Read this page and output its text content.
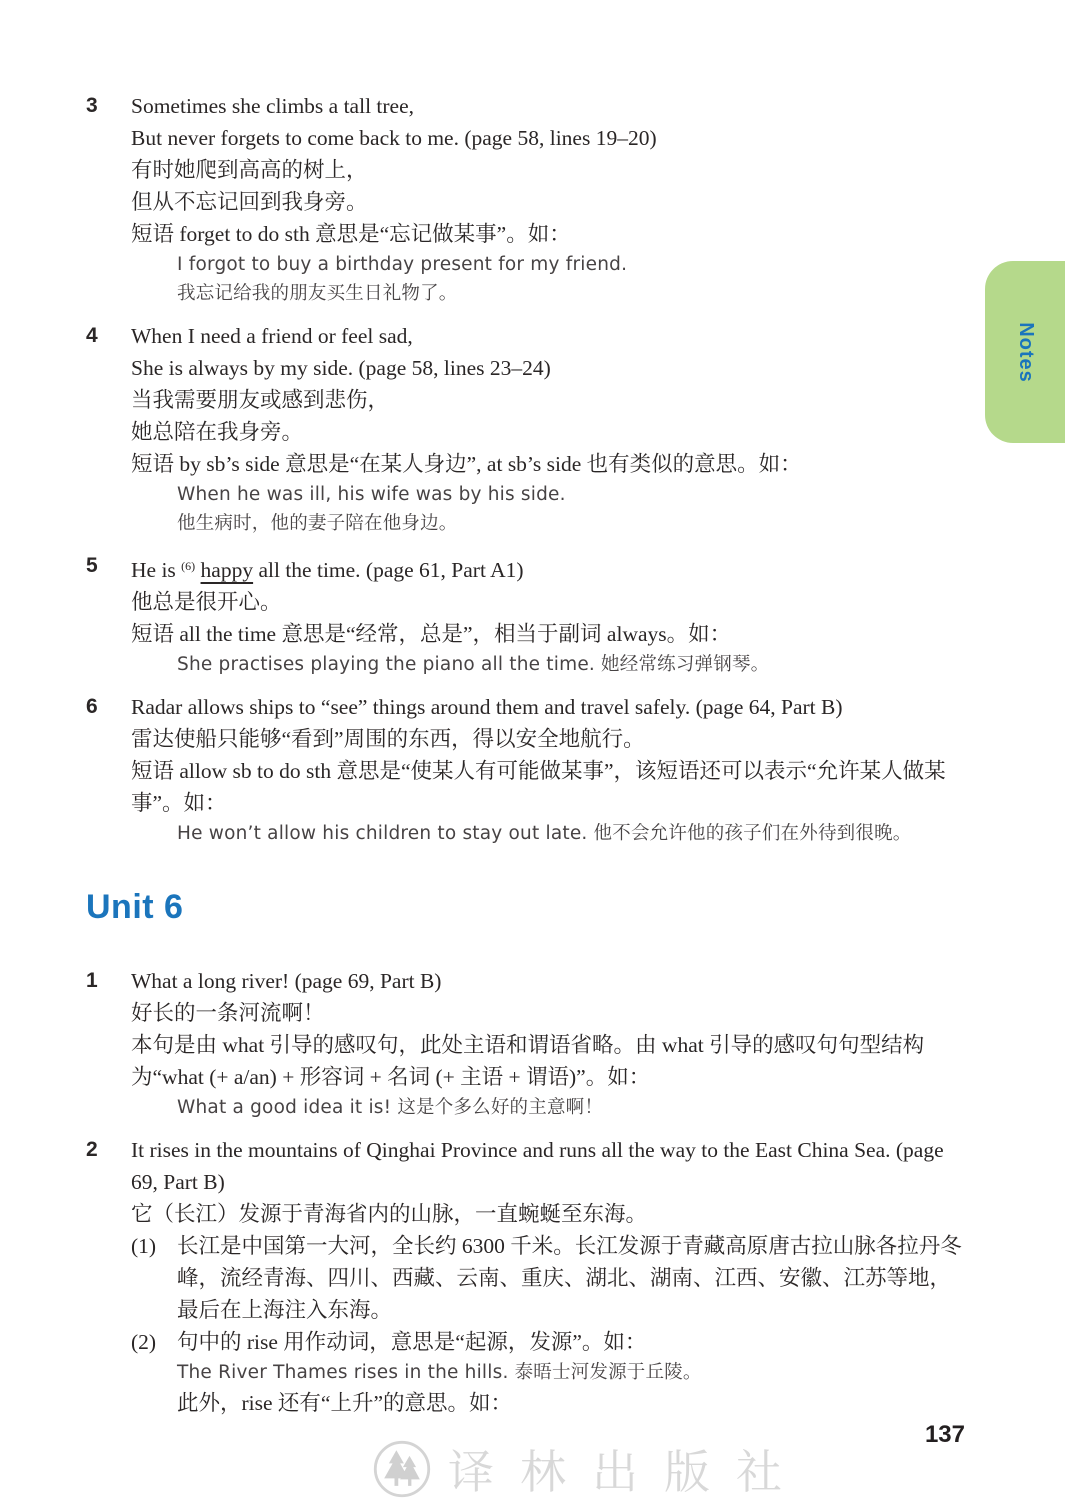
Notes
3	Sometimes she climbs a tall tree,
But never forgets to come back to me. (page 58, lines 19–20)
有时她爬到高高的树上，
但从不忘记回到我身旁。
短语 forget to do sth 意思是“忘记做某事”。如：
I forgot to buy a birthday present for my friend.
我忘记给我的朋友买生日礼物了。
4	When I need a friend or feel sad,
She is always by my side. (page 58, lines 23–24)
当我需要朋友或感到悲伤，
她总陪在我身旁。
短语 by sb’s side 意思是“在某人身边”, at sb’s side 也有类似的意思。如：
When he was ill, his wife was by his side.
他生病时，他的妻子陪在他身边。
5	He is $^{(6)}$ happy all the time. (page 61, Part A1)
他总是很开心。
短语 all the time 意思是“经常，总是”，相当于副词 always。如：
She practises playing the piano all the time. 她经常练习弹钢琴。
6	Radar allows ships to “see” things around them and travel safely. (page 64, Part B)
雷达使船只能够“看到”周围的东西，得以安全地航行。
短语 allow sb to do sth 意思是“使某人有可能做某事”，该短语还可以表示“允许某人做某事”。如：
He won’t allow his children to stay out late. 他不会允许他的孩子们在外待到很晚。
Unit 6
1	What a long river! (page 69, Part B)
好长的一条河流啊！
本句是由 what 引导的感叹句，此处主语和谓语省略。由 what 引导的感叹句句型结构为“what (+ a/an) + 形容词 + 名词 (+ 主语 + 谓语)”。如：
What a good idea it is! 这是个多么好的主意啊！
2	It rises in the mountains of Qinghai Province and runs all the way to the East China Sea. (page 69, Part B)
它（长江）发源于青海省内的山脉，一直蜿蜒至东海。
(1) 长江是中国第一大河，全长约 6300 千米。长江发源于青藏高原唐古拉山脉各拉丹冬峰，流经青海、四川、西藏、云南、重庆、湖北、湖南、江西、安徽、江苏等地，最后在上海注入东海。
(2) 句中的 rise 用作动词，意思是“起源，发源”。如：
The River Thames rises in the hills. 泰晤士河发源于丘陵。
此外，rise 还有“上升”的意思。如：
译林出版社
137
